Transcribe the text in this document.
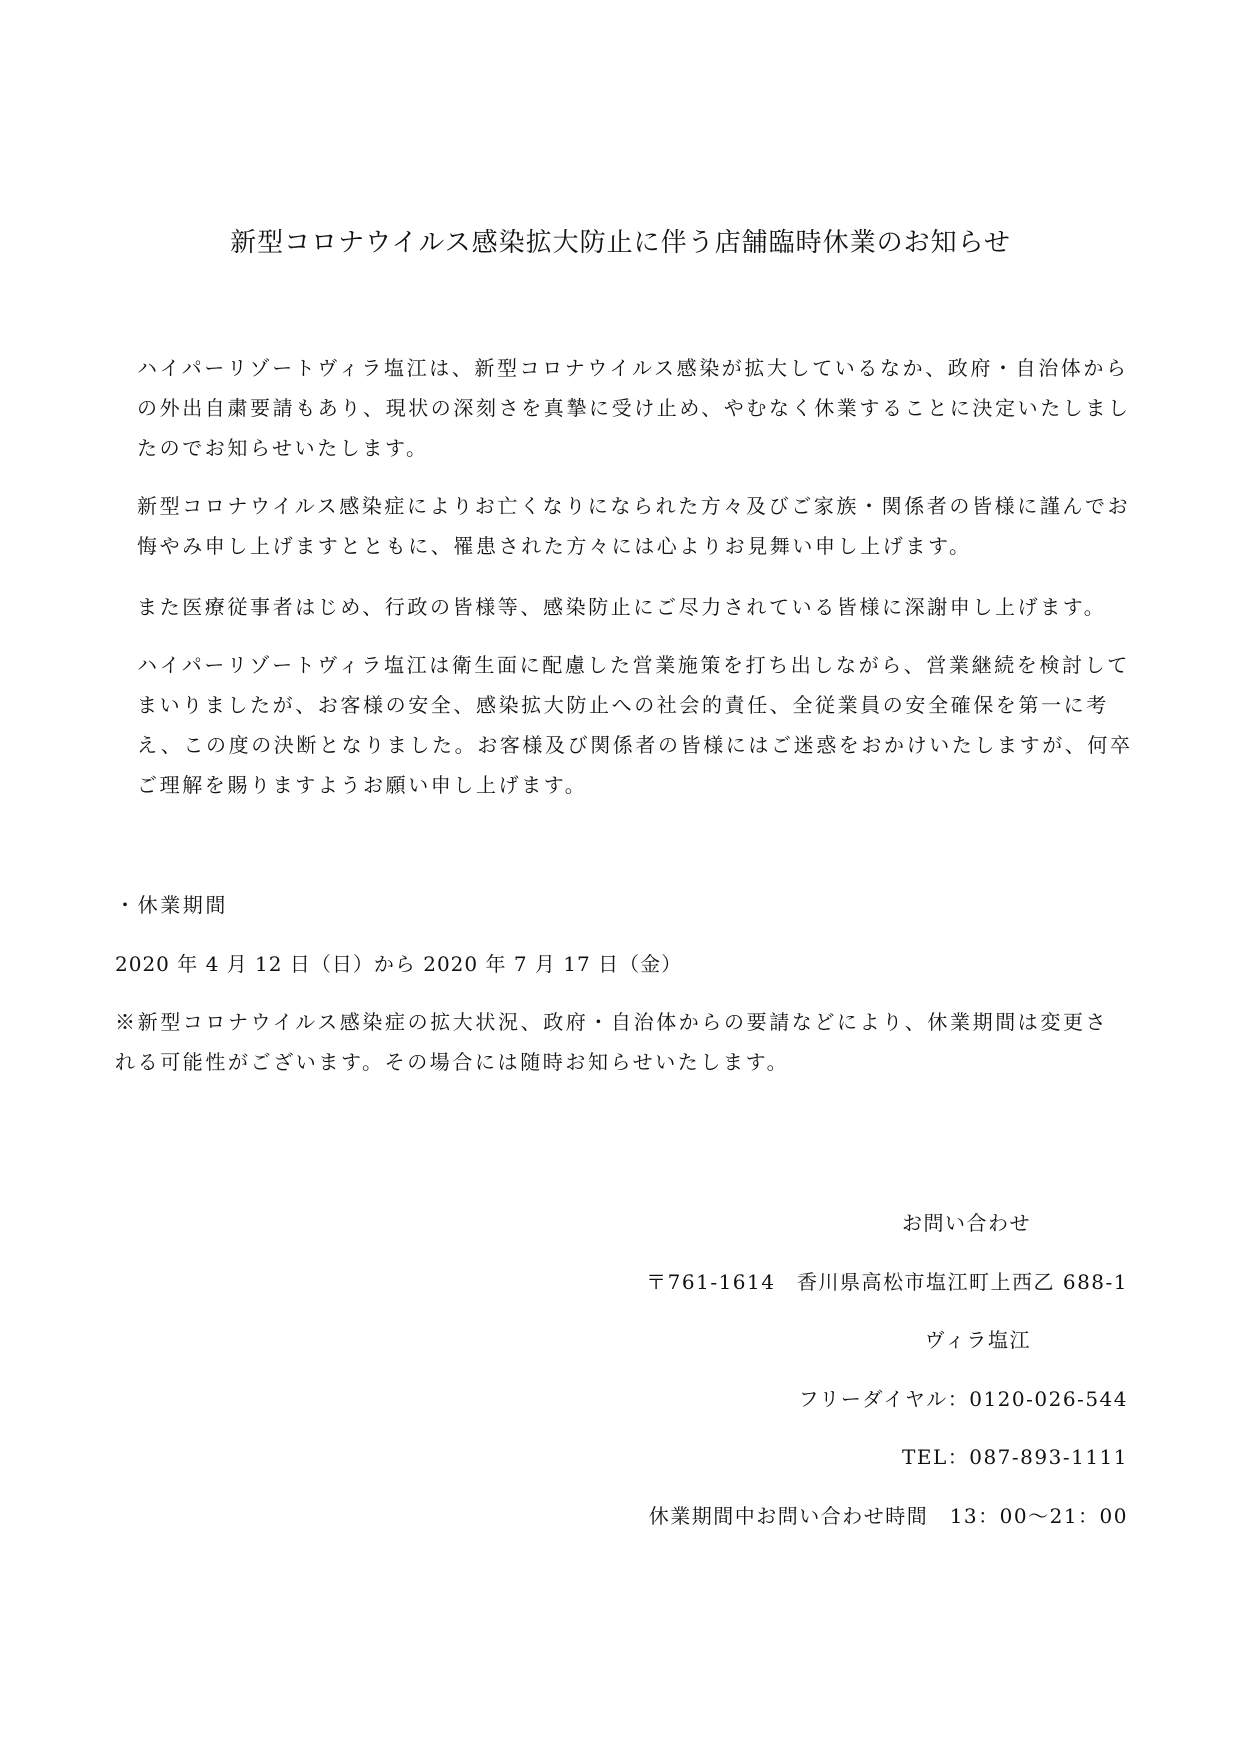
新型コロナウイルス感染拡大防止に伴う店舗臨時休業のお知らせ

ハイパーリゾートヴィラ塩江は、新型コロナウイルス感染が拡大しているなか、政府・自治体からの外出自粛要請もあり、現状の深刻さを真摯に受け止め、やむなく休業することに決定いたしましたのでお知らせいたします。

新型コロナウイルス感染症によりお亡くなりになられた方々及びご家族・関係者の皆様に謹んでお悔やみ申し上げますとともに、罹患された方々には心よりお見舞い申し上げます。

また医療従事者はじめ、行政の皆様等、感染防止にご尽力されている皆様に深謝申し上げます。

ハイパーリゾートヴィラ塩江は衛生面に配慮した営業施策を打ち出しながら、営業継続を検討してまいりましたが、お客様の安全、感染拡大防止への社会的責任、全従業員の安全確保を第一に考え、この度の決断となりました。お客様及び関係者の皆様にはご迷惑をおかけいたしますが、何卒ご理解を賜りますようお願い申し上げます。

・休業期間

2020 年 4 月 12 日（日）から 2020 年 7 月 17 日（金）

※新型コロナウイルス感染症の拡大状況、政府・自治体からの要請などにより、休業期間は変更される可能性がございます。その場合には随時お知らせいたします。

お問い合わせ

〒761-1614　香川県高松市塩江町上西乙 688-1

ヴィラ塩江

フリーダイヤル：0120-026-544

TEL：087-893-1111

休業期間中お問い合わせ時間　13：00～21：00
